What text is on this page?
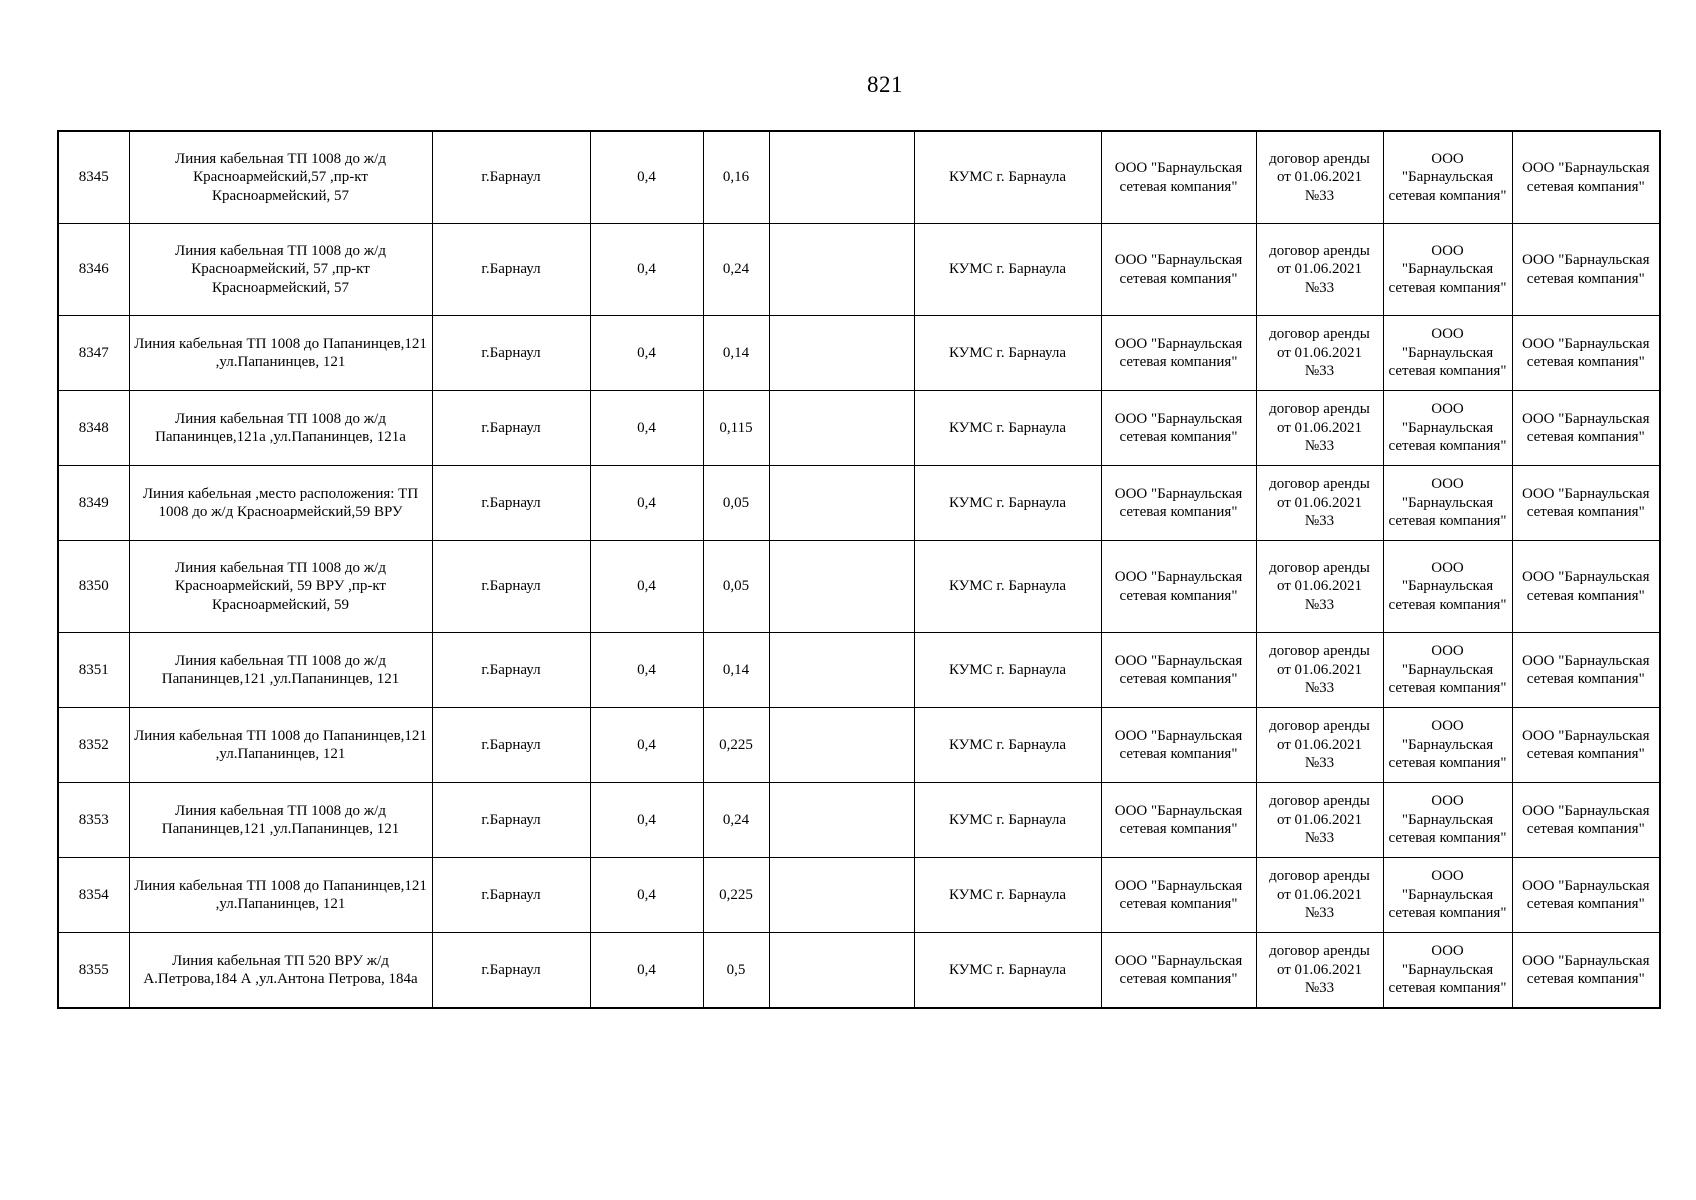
821
8345	Линия кабельная ТП 1008 до ж/д Красноармейский,57 ,пр-кт Красноармейский, 57	г.Барнаул	0,4	0,16		КУМС г. Барнаула	ООО "Барнаульская сетевая компания"	договор аренды от 01.06.2021 №33	ООО "Барнаульская сетевая компания"	ООО "Барнаульская сетевая компания"
8346	Линия кабельная ТП 1008 до ж/д Красноармейский, 57 ,пр-кт Красноармейский, 57	г.Барнаул	0,4	0,24		КУМС г. Барнаула	ООО "Барнаульская сетевая компания"	договор аренды от 01.06.2021 №33	ООО "Барнаульская сетевая компания"	ООО "Барнаульская сетевая компания"
8347	Линия кабельная ТП 1008 до Папанинцев,121 ,ул.Папанинцев, 121	г.Барнаул	0,4	0,14		КУМС г. Барнаула	ООО "Барнаульская сетевая компания"	договор аренды от 01.06.2021 №33	ООО "Барнаульская сетевая компания"	ООО "Барнаульская сетевая компания"
8348	Линия кабельная ТП 1008 до ж/д Папанинцев,121а ,ул.Папанинцев, 121а	г.Барнаул	0,4	0,115		КУМС г. Барнаула	ООО "Барнаульская сетевая компания"	договор аренды от 01.06.2021 №33	ООО "Барнаульская сетевая компания"	ООО "Барнаульская сетевая компания"
8349	Линия кабельная ,место расположения: ТП 1008 до ж/д Красноармейский,59 ВРУ	г.Барнаул	0,4	0,05		КУМС г. Барнаула	ООО "Барнаульская сетевая компания"	договор аренды от 01.06.2021 №33	ООО "Барнаульская сетевая компания"	ООО "Барнаульская сетевая компания"
8350	Линия кабельная ТП 1008 до ж/д Красноармейский, 59 ВРУ ,пр-кт Красноармейский, 59	г.Барнаул	0,4	0,05		КУМС г. Барнаула	ООО "Барнаульская сетевая компания"	договор аренды от 01.06.2021 №33	ООО "Барнаульская сетевая компания"	ООО "Барнаульская сетевая компания"
8351	Линия кабельная ТП 1008 до ж/д Папанинцев,121 ,ул.Папанинцев, 121	г.Барнаул	0,4	0,14		КУМС г. Барнаула	ООО "Барнаульская сетевая компания"	договор аренды от 01.06.2021 №33	ООО "Барнаульская сетевая компания"	ООО "Барнаульская сетевая компания"
8352	Линия кабельная ТП 1008 до Папанинцев,121 ,ул.Папанинцев, 121	г.Барнаул	0,4	0,225		КУМС г. Барнаула	ООО "Барнаульская сетевая компания"	договор аренды от 01.06.2021 №33	ООО "Барнаульская сетевая компания"	ООО "Барнаульская сетевая компания"
8353	Линия кабельная ТП 1008 до ж/д Папанинцев,121 ,ул.Папанинцев, 121	г.Барнаул	0,4	0,24		КУМС г. Барнаула	ООО "Барнаульская сетевая компания"	договор аренды от 01.06.2021 №33	ООО "Барнаульская сетевая компания"	ООО "Барнаульская сетевая компания"
8354	Линия кабельная ТП 1008 до Папанинцев,121 ,ул.Папанинцев, 121	г.Барнаул	0,4	0,225		КУМС г. Барнаула	ООО "Барнаульская сетевая компания"	договор аренды от 01.06.2021 №33	ООО "Барнаульская сетевая компания"	ООО "Барнаульская сетевая компания"
8355	Линия кабельная ТП 520 ВРУ ж/д А.Петрова,184 А ,ул.Антона Петрова, 184а	г.Барнаул	0,4	0,5		КУМС г. Барнаула	ООО "Барнаульская сетевая компания"	договор аренды от 01.06.2021 №33	ООО "Барнаульская сетевая компания"	ООО "Барнаульская сетевая компания"
